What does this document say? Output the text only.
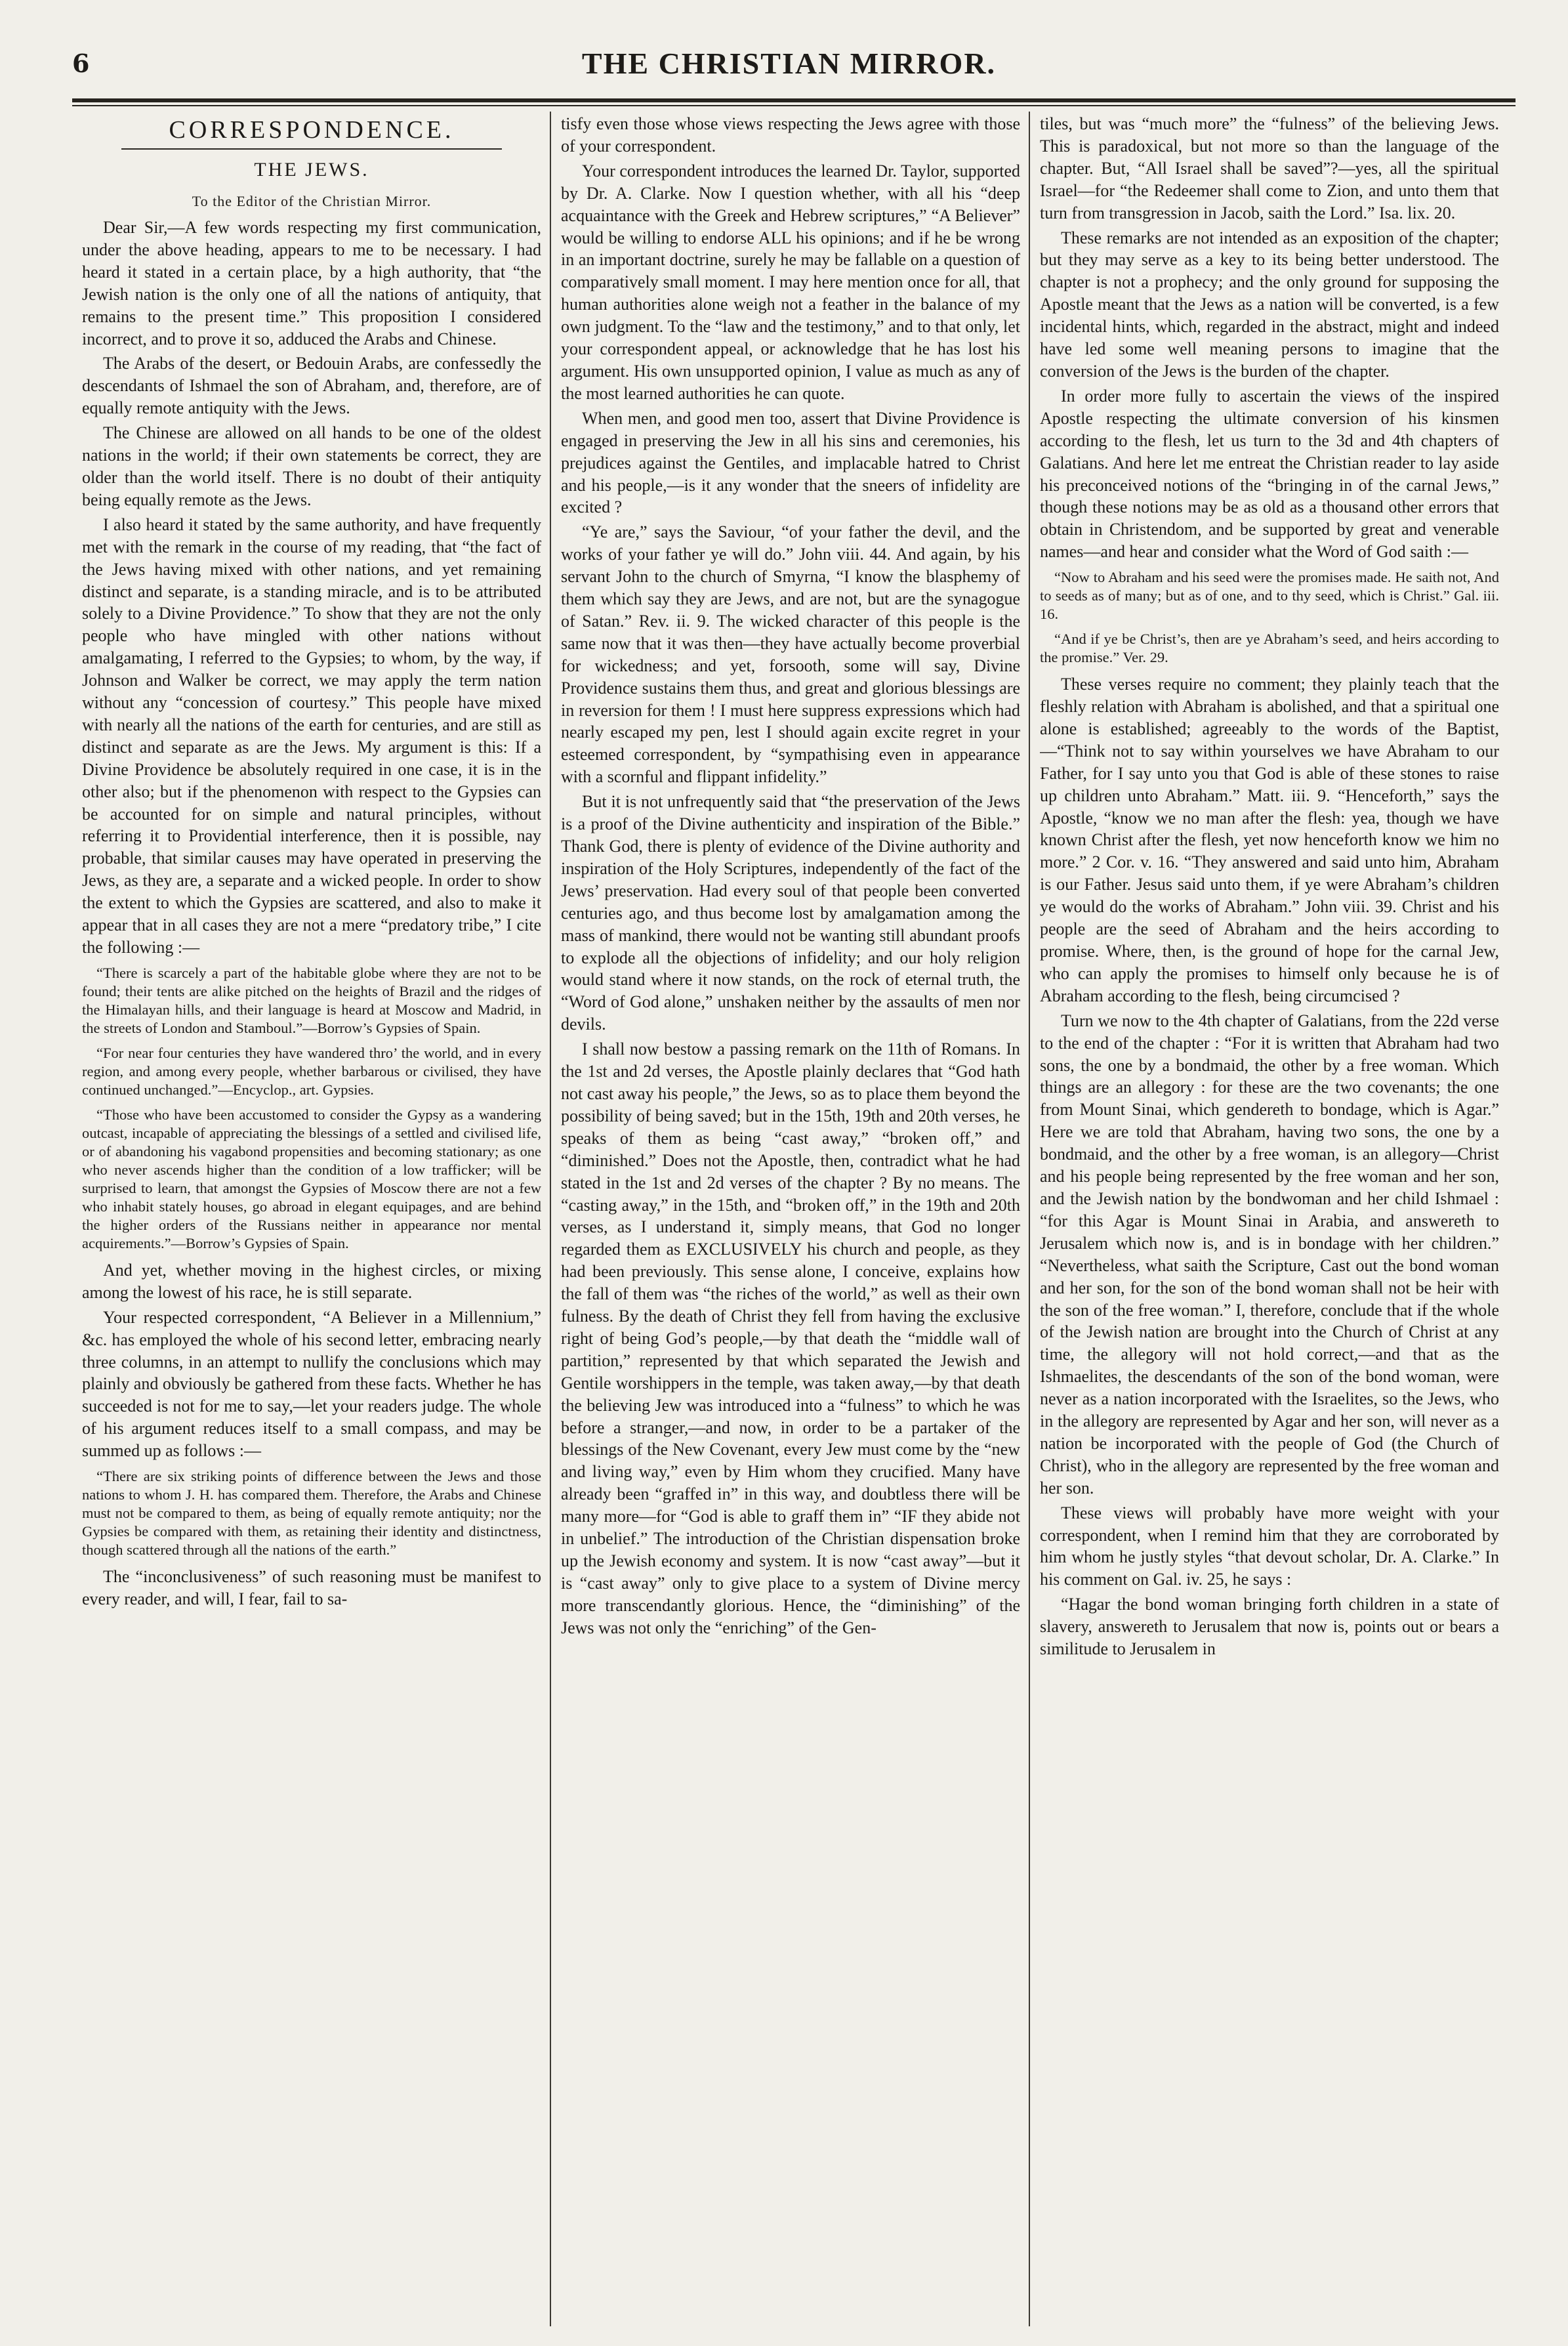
6	THE CHRISTIAN MIRROR.
CORRESPONDENCE.
THE JEWS.
To the Editor of the Christian Mirror.

Dear Sir,—A few words respecting my first communication, under the above heading, appears to me to be necessary. I had heard it stated in a certain place, by a high authority, that “the Jewish nation is the only one of all the nations of antiquity, that remains to the present time.” This proposition I considered incorrect, and to prove it so, adduced the Arabs and Chinese.

The Arabs of the desert, or Bedouin Arabs, are confessedly the descendants of Ishmael the son of Abraham, and, therefore, are of equally remote antiquity with the Jews.

The Chinese are allowed on all hands to be one of the oldest nations in the world; if their own statements be correct, they are older than the world itself. There is no doubt of their antiquity being equally remote as the Jews.

I also heard it stated by the same authority, and have frequently met with the remark in the course of my reading, that “the fact of the Jews having mixed with other nations, and yet remaining distinct and separate, is a standing miracle, and is to be attributed solely to a Divine Providence.” To show that they are not the only people who have mingled with other nations without amalgamating, I referred to the Gypsies; to whom, by the way, if Johnson and Walker be correct, we may apply the term nation without any “concession of courtesy.” This people have mixed with nearly all the nations of the earth for centuries, and are still as distinct and separate as are the Jews. My argument is this: If a Divine Providence be absolutely required in one case, it is in the other also; but if the phenomenon with respect to the Gypsies can be accounted for on simple and natural principles, without referring it to Providential interference, then it is possible, nay probable, that similar causes may have operated in preserving the Jews, as they are, a separate and a wicked people. In order to show the extent to which the Gypsies are scattered, and also to make it appear that in all cases they are not a mere “predatory tribe,” I cite the following :—

“There is scarcely a part of the habitable globe where they are not to be found; their tents are alike pitched on the heights of Brazil and the ridges of the Himalayan hills, and their language is heard at Moscow and Madrid, in the streets of London and Stamboul.”—Borrow’s Gypsies of Spain.

“For near four centuries they have wandered thro’ the world, and in every region, and among every people, whether barbarous or civilised, they have continued unchanged.”—Encyclop., art. Gypsies.

“Those who have been accustomed to consider the Gypsy as a wandering outcast, incapable of appreciating the blessings of a settled and civilised life, or of abandoning his vagabond propensities and becoming stationary; as one who never ascends higher than the condition of a low trafficker; will be surprised to learn, that amongst the Gypsies of Moscow there are not a few who inhabit stately houses, go abroad in elegant equipages, and are behind the higher orders of the Russians neither in appearance nor mental acquirements.”—Borrow’s Gypsies of Spain.

And yet, whether moving in the highest circles, or mixing among the lowest of his race, he is still separate.

Your respected correspondent, “A Believer in a Millennium,” &c. has employed the whole of his second letter, embracing nearly three columns, in an attempt to nullify the conclusions which may plainly and obviously be gathered from these facts. Whether he has succeeded is not for me to say,—let your readers judge. The whole of his argument reduces itself to a small compass, and may be summed up as follows :—

“There are six striking points of difference between the Jews and those nations to whom J. H. has compared them. Therefore, the Arabs and Chinese must not be compared to them, as being of equally remote antiquity; nor the Gypsies be compared with them, as retaining their identity and distinctness, though scattered through all the nations of the earth.”

The “inconclusiveness” of such reasoning must be manifest to every reader, and will, I fear, fail to sa-

tisfy even those whose views respecting the Jews agree with those of your correspondent.

Your correspondent introduces the learned Dr. Taylor, supported by Dr. A. Clarke. Now I question whether, with all his “deep acquaintance with the Greek and Hebrew scriptures,” “A Believer” would be willing to endorse ALL his opinions; and if he be wrong in an important doctrine, surely he may be fallable on a question of comparatively small moment. I may here mention once for all, that human authorities alone weigh not a feather in the balance of my own judgment. To the “law and the testimony,” and to that only, let your correspondent appeal, or acknowledge that he has lost his argument. His own unsupported opinion, I value as much as any of the most learned authorities he can quote.

When men, and good men too, assert that Divine Providence is engaged in preserving the Jew in all his sins and ceremonies, his prejudices against the Gentiles, and implacable hatred to Christ and his people,—is it any wonder that the sneers of infidelity are excited ?

“Ye are,” says the Saviour, “of your father the devil, and the works of your father ye will do.” John viii. 44. And again, by his servant John to the church of Smyrna, “I know the blasphemy of them which say they are Jews, and are not, but are the synagogue of Satan.” Rev. ii. 9. The wicked character of this people is the same now that it was then—they have actually become proverbial for wickedness; and yet, forsooth, some will say, Divine Providence sustains them thus, and great and glorious blessings are in reversion for them ! I must here suppress expressions which had nearly escaped my pen, lest I should again excite regret in your esteemed correspondent, by “sympathising even in appearance with a scornful and flippant infidelity.”

But it is not unfrequently said that “the preservation of the Jews is a proof of the Divine authenticity and inspiration of the Bible.” Thank God, there is plenty of evidence of the Divine authority and inspiration of the Holy Scriptures, independently of the fact of the Jews’ preservation. Had every soul of that people been converted centuries ago, and thus become lost by amalgamation among the mass of mankind, there would not be wanting still abundant proofs to explode all the objections of infidelity; and our holy religion would stand where it now stands, on the rock of eternal truth, the “Word of God alone,” unshaken neither by the assaults of men nor devils.

I shall now bestow a passing remark on the 11th of Romans. In the 1st and 2d verses, the Apostle plainly declares that “God hath not cast away his people,” the Jews, so as to place them beyond the possibility of being saved; but in the 15th, 19th and 20th verses, he speaks of them as being “cast away,” “broken off,” and “diminished.” Does not the Apostle, then, contradict what he had stated in the 1st and 2d verses of the chapter ? By no means. The “casting away,” in the 15th, and “broken off,” in the 19th and 20th verses, as I understand it, simply means, that God no longer regarded them as EXCLUSIVELY his church and people, as they had been previously. This sense alone, I conceive, explains how the fall of them was “the riches of the world,” as well as their own fulness. By the death of Christ they fell from having the exclusive right of being God’s people,—by that death the “middle wall of partition,” represented by that which separated the Jewish and Gentile worshippers in the temple, was taken away,—by that death the believing Jew was introduced into a “fulness” to which he was before a stranger,—and now, in order to be a partaker of the blessings of the New Covenant, every Jew must come by the “new and living way,” even by Him whom they crucified. Many have already been “graffed in” in this way, and doubtless there will be many more—for “God is able to graff them in” “IF they abide not in unbelief.” The introduction of the Christian dispensation broke up the Jewish economy and system. It is now “cast away”—but it is “cast away” only to give place to a system of Divine mercy more transcendantly glorious. Hence, the “diminishing” of the Jews was not only the “enriching” of the Gen-

tiles, but was “much more” the “fulness” of the believing Jews. This is paradoxical, but not more so than the language of the chapter. But, “All Israel shall be saved”?—yes, all the spiritual Israel—for “the Redeemer shall come to Zion, and unto them that turn from transgression in Jacob, saith the Lord.” Isa. lix. 20.

These remarks are not intended as an exposition of the chapter; but they may serve as a key to its being better understood. The chapter is not a prophecy; and the only ground for supposing the Apostle meant that the Jews as a nation will be converted, is a few incidental hints, which, regarded in the abstract, might and indeed have led some well meaning persons to imagine that the conversion of the Jews is the burden of the chapter.

In order more fully to ascertain the views of the inspired Apostle respecting the ultimate conversion of his kinsmen according to the flesh, let us turn to the 3d and 4th chapters of Galatians. And here let me entreat the Christian reader to lay aside his preconceived notions of the “bringing in of the carnal Jews,” though these notions may be as old as a thousand other errors that obtain in Christendom, and be supported by great and venerable names—and hear and consider what the Word of God saith :—

“Now to Abraham and his seed were the promises made. He saith not, And to seeds as of many; but as of one, and to thy seed, which is Christ.” Gal. iii. 16.

“And if ye be Christ’s, then are ye Abraham’s seed, and heirs according to the promise.” Ver. 29.

These verses require no comment; they plainly teach that the fleshly relation with Abraham is abolished, and that a spiritual one alone is established; agreeably to the words of the Baptist,—“Think not to say within yourselves we have Abraham to our Father, for I say unto you that God is able of these stones to raise up children unto Abraham.” Matt. iii. 9. “Henceforth,” says the Apostle, “know we no man after the flesh: yea, though we have known Christ after the flesh, yet now henceforth know we him no more.” 2 Cor. v. 16. “They answered and said unto him, Abraham is our Father. Jesus said unto them, if ye were Abraham’s children ye would do the works of Abraham.” John viii. 39. Christ and his people are the seed of Abraham and the heirs according to promise. Where, then, is the ground of hope for the carnal Jew, who can apply the promises to himself only because he is of Abraham according to the flesh, being circumcised ?

Turn we now to the 4th chapter of Galatians, from the 22d verse to the end of the chapter : “For it is written that Abraham had two sons, the one by a bondmaid, the other by a free woman. Which things are an allegory : for these are the two covenants; the one from Mount Sinai, which gendereth to bondage, which is Agar.” Here we are told that Abraham, having two sons, the one by a bondmaid, and the other by a free woman, is an allegory—Christ and his people being represented by the free woman and her son, and the Jewish nation by the bondwoman and her child Ishmael : “for this Agar is Mount Sinai in Arabia, and answereth to Jerusalem which now is, and is in bondage with her children.” “Nevertheless, what saith the Scripture, Cast out the bond woman and her son, for the son of the bond woman shall not be heir with the son of the free woman.” I, therefore, conclude that if the whole of the Jewish nation are brought into the Church of Christ at any time, the allegory will not hold correct,—and that as the Ishmaelites, the descendants of the son of the bond woman, were never as a nation incorporated with the Israelites, so the Jews, who in the allegory are represented by Agar and her son, will never as a nation be incorporated with the people of God (the Church of Christ), who in the allegory are represented by the free woman and her son.

These views will probably have more weight with your correspondent, when I remind him that they are corroborated by him whom he justly styles “that devout scholar, Dr. A. Clarke.” In his comment on Gal. iv. 25, he says :

“Hagar the bond woman bringing forth children in a state of slavery, answereth to Jerusalem that now is, points out or bears a similitude to Jerusalem in
